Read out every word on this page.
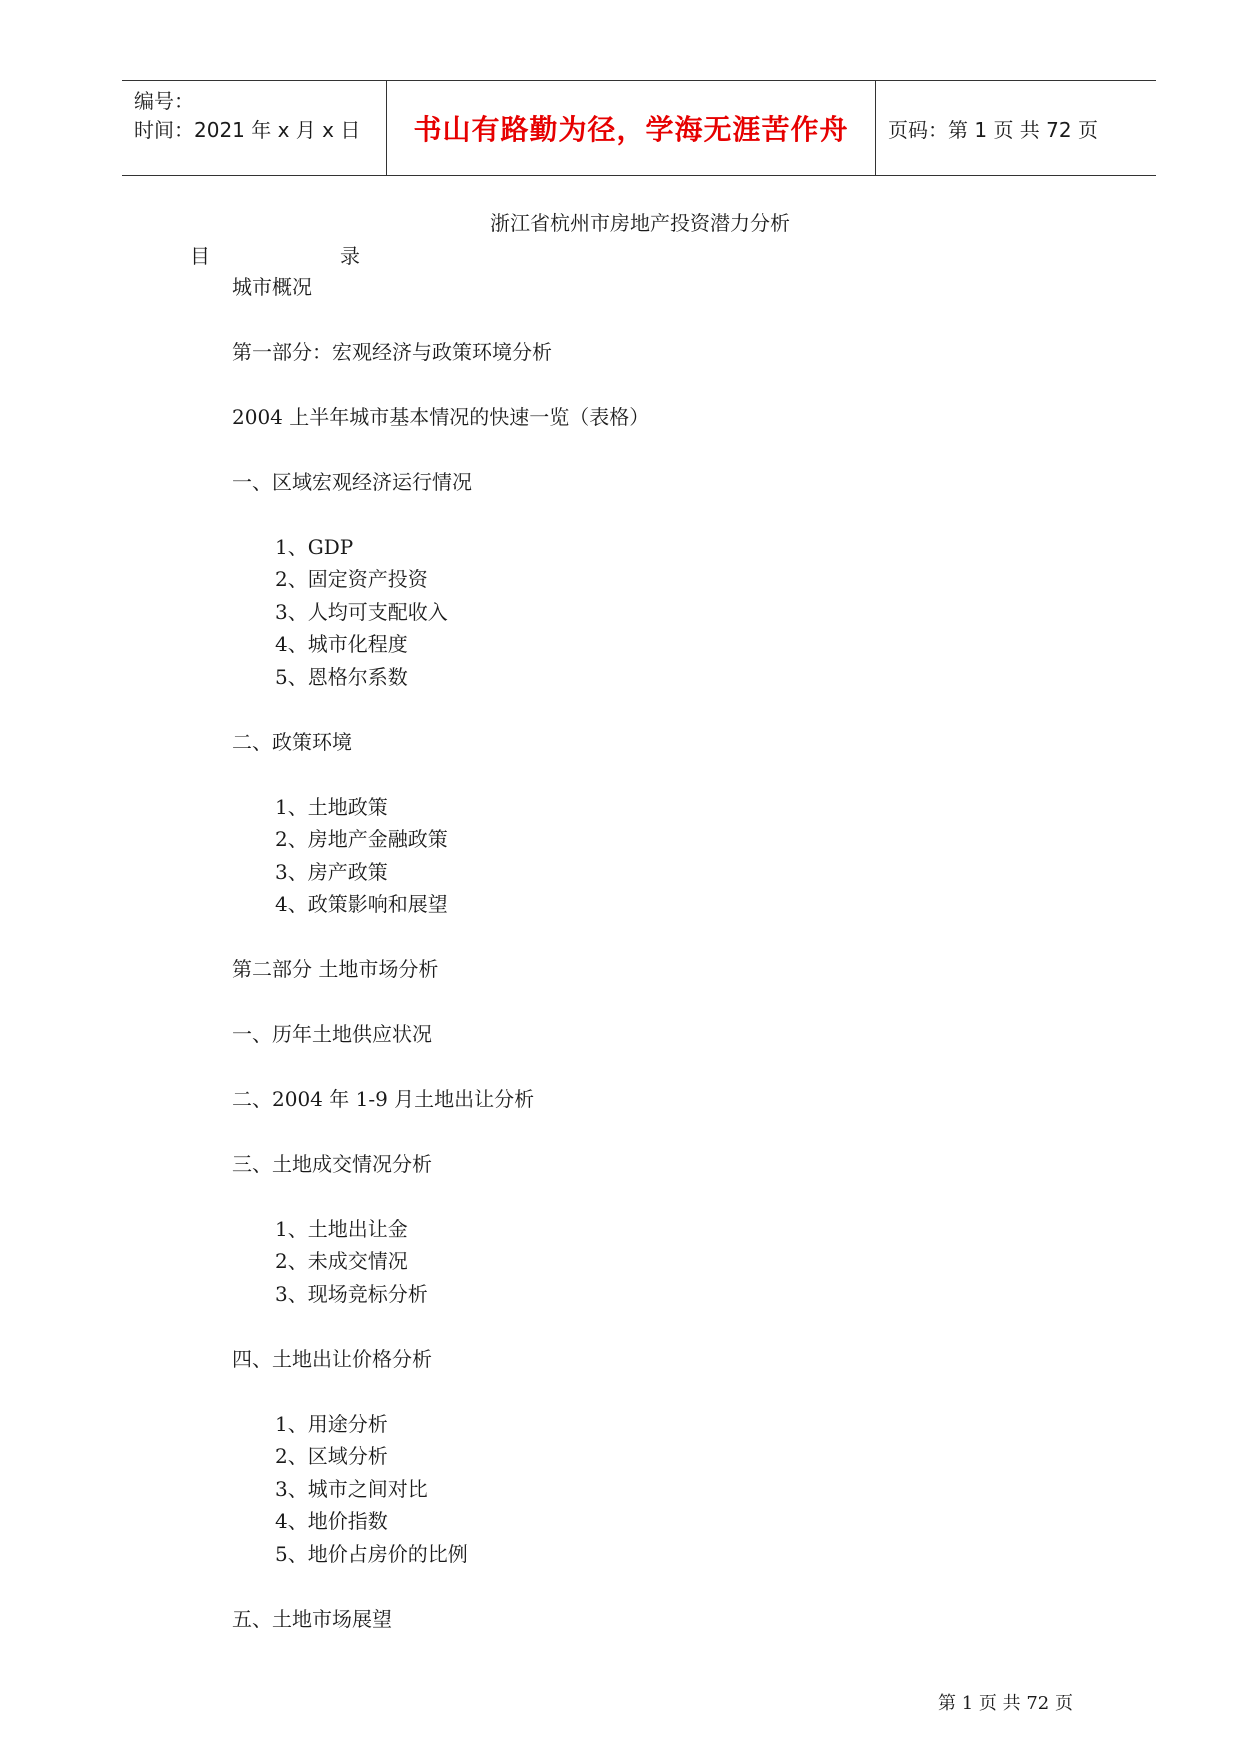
编号：
时间：2021 年 x 月 x 日 书山有路勤为径，学海无涯苦作舟 页码：第 1 页 共 72 页
浙江省杭州市房地产投资潜力分析
目	录
城市概况
第一部分：宏观经济与政策环境分析
2004 上半年城市基本情况的快速一览（表格）
一、区域宏观经济运行情况
1、GDP
2、固定资产投资
3、人均可支配收入
4、城市化程度
5、恩格尔系数
二、政策环境
1、土地政策
2、房地产金融政策
3、房产政策
4、政策影响和展望
第二部分 土地市场分析
一、历年土地供应状况
二、2004 年 1-9 月土地出让分析
三、土地成交情况分析
1、土地出让金
2、未成交情况
3、现场竞标分析
四、土地出让价格分析
1、用途分析
2、区域分析
3、城市之间对比
4、地价指数
5、地价占房价的比例
五、土地市场展望
第 1 页 共 72 页
